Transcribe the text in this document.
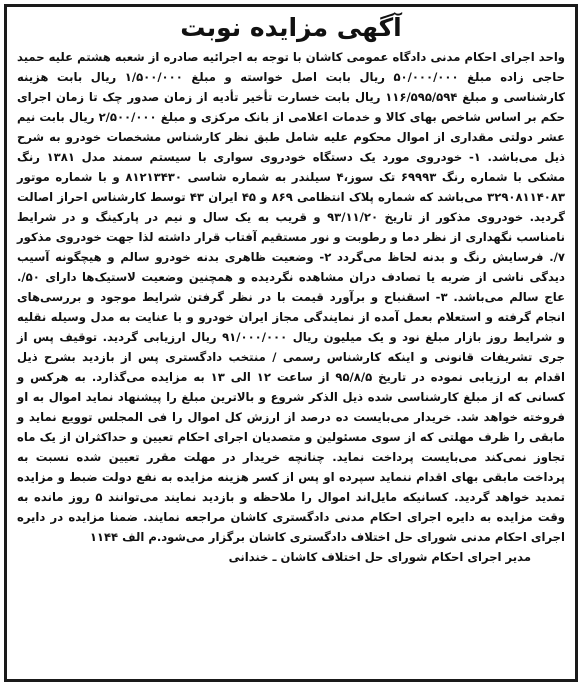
آگهی مزایده نوبت

واحد اجرای احکام مدنی دادگاه عمومی کاشان با توجه به اجرائیه صادره از شعبه هشتم علیه حمید حاجی زاده مبلغ ۵۰/۰۰۰/۰۰۰ ریال بابت اصل خواسته و مبلغ ۱/۵۰۰/۰۰۰ ریال بابت هزینه کارشناسی و مبلغ ۱۱۶/۵۹۵/۵۹۴ ریال بابت خسارت تأخیر تأدیه از زمان صدور چک تا زمان اجرای حکم بر اساس شاخص بهای کالا و خدمات اعلامی از بانک مرکزی و مبلغ ۲/۵۰۰/۰۰۰ ریال بابت نیم عشر دولتی مقداری از اموال محکوم علیه شامل طبق نظر کارشناس مشخصات خودرو به شرح ذیل می‌باشد. ۱- خودروی مورد یک دستگاه خودروی سواری با سیستم سمند مدل ۱۳۸۱ رنگ مشکی با شماره رنگ ۶۹۹۹۳ تک سوز،۴ سیلندر به شماره شاسی ۸۱۲۱۳۴۳۰ و با شماره موتور ۳۲۹۰۸۱۱۴۰۸۳ می‌باشد که شماره پلاک انتظامی ۸۶۹ و ۴۵ ایران ۴۳ توسط کارشناس احراز اصالت گردید. خودروی مذکور از تاریخ ۹۳/۱۱/۲۰ و قریب به یک سال و نیم در پارکینگ و در شرایط نامناسب نگهداری از نظر دما و رطوبت و نور مستقیم آفتاب قرار داشته لذا جهت خودروی مذکور ۷/. فرسایش رنگ و بدنه لحاظ می‌گردد ۲- وضعیت ظاهری بدنه خودرو سالم و هیچگونه آسیب دیدگی ناشی از ضربه یا تصادف دران مشاهده نگردیده و همچنین وضعیت لاستیک‌ها دارای ۵۰/. عاج سالم می‌باشد. ۳- اسقنباح و برآورد قیمت با در نظر گرفتن شرایط موجود و بررسی‌های انجام گرفته و استعلام بعمل آمده از نمایندگی مجاز ایران خودرو و با عنایت به مدل وسیله نقلیه و شرایط روز بازار مبلغ نود و یک میلیون ریال ۹۱/۰۰۰/۰۰۰ ریال ارزیابی گردید. توقیف پس از جری تشریفات قانونی و اینکه کارشناس رسمی / منتخب دادگستری پس از بازدید بشرح ذیل اقدام به ارزیابی نموده در تاریخ ۹۵/۸/۵ از ساعت ۱۲ الی ۱۳ به مزایده می‌گذارد. به هرکس و کسانی که از مبلغ کارشناسی شده ذیل الذکر شروع و بالاترین مبلغ را پیشنهاد نماید اموال به او فروخته خواهد شد. خریدار می‌بایست ده درصد از ارزش کل اموال را فی المجلس توویع نماید و مابقی را ظرف مهلتی که از سوی مسئولین و متصدیان اجرای احکام تعیین و حداکثران از یک ماه تجاوز نمی‌کند می‌بایست پرداخت نماید. چنانچه خریدار در مهلت مقرر تعیین شده نسبت به پرداخت مابقی بهای اقدام ننماید سپرده او پس از کسر هزینه مزایده به نفع دولت ضبط و مزایده تمدید خواهد گردید. کسانیکه مایل‌اند اموال را ملاحظه و بازدید نمایند می‌توانند ۵ روز مانده به وقت مزایده به دایره اجرای احکام مدنی دادگستری کاشان مراجعه نمایند. ضمنا مزایده در دایره اجرای احکام مدنی شورای حل اختلاف دادگستری کاشان برگزار می‌شود.م الف ۱۱۴۴

مدیر اجرای احکام شورای حل اختلاف کاشان ـ خندانی
